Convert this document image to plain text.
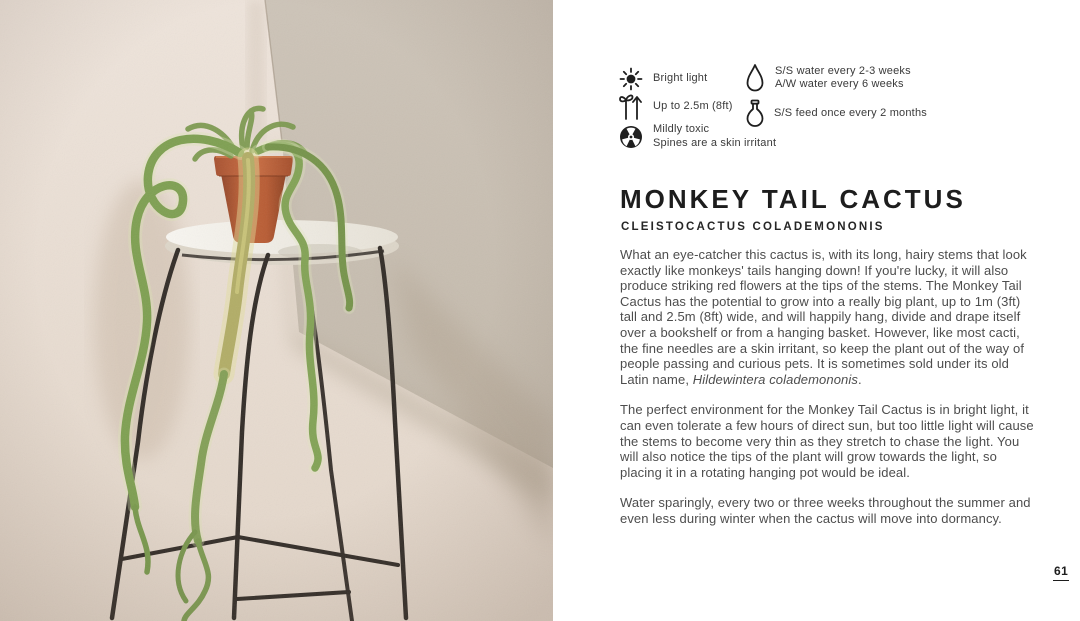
Bright light
Up to 2.5m (8ft)
Mildly toxic
Spines are a skin irritant
S/S water every 2-3 weeks
A/W water every 6 weeks
S/S feed once every 2 months
MONKEY TAIL CACTUS
CLEISTOCACTUS COLADEMONONIS

What an eye-catcher this cactus is, with its long, hairy stems that look exactly like monkeys' tails hanging down! If you're lucky, it will also produce striking red flowers at the tips of the stems. The Monkey Tail Cactus has the potential to grow into a really big plant, up to 1m (3ft) tall and 2.5m (8ft) wide, and will happily hang, divide and drape itself over a bookshelf or from a hanging basket. However, like most cacti, the fine needles are a skin irritant, so keep the plant out of the way of people passing and curious pets. It is sometimes sold under its old Latin name, Hildewintera colademononis.

The perfect environment for the Monkey Tail Cactus is in bright light, it can even tolerate a few hours of direct sun, but too little light will cause the stems to become very thin as they stretch to chase the light. You will also notice the tips of the plant will grow towards the light, so placing it in a rotating hanging pot would be ideal.

Water sparingly, every two or three weeks throughout the summer and even less during winter when the cactus will move into dormancy.

61
